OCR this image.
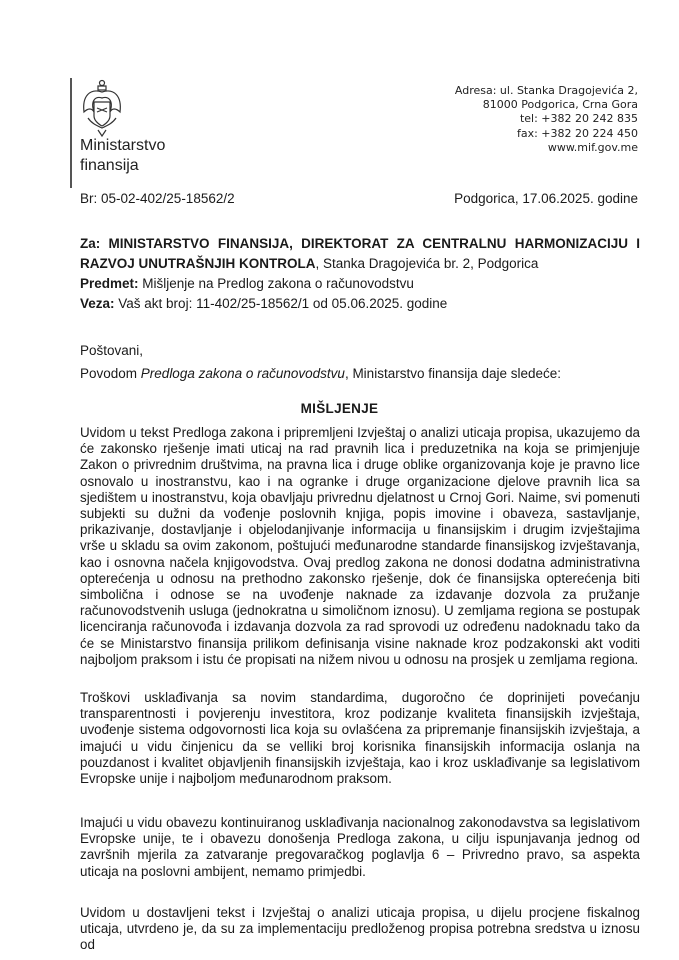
Ministarstvo
finansija
Adresa: ul. Stanka Dragojevića 2,
81000 Podgorica, Crna Gora
tel: +382 20 242 835
fax: +382 20 224 450
www.mif.gov.me
Br: 05-02-402/25-18562/2	Podgorica, 17.06.2025. godine
Za: MINISTARSTVO FINANSIJA, DIREKTORAT ZA CENTRALNU HARMONIZACIJU I RAZVOJ UNUTRAŠNJIH KONTROLA, Stanka Dragojevića br. 2, Podgorica
Predmet: Mišljenje na Predlog zakona o računovodstvu
Veza: Vaš akt broj: 11-402/25-18562/1 od 05.06.2025. godine
Poštovani,
Povodom Predloga zakona o računovodstvu, Ministarstvo finansija daje sledeće:
MIŠLJENJE
Uvidom u tekst Predloga zakona i pripremljeni Izvještaj o analizi uticaja propisa, ukazujemo da će zakonsko rješenje imati uticaj na rad pravnih lica i preduzetnika na koja se primjenjuje Zakon o privrednim društvima, na pravna lica i druge oblike organizovanja koje je pravno lice osnovalo u inostranstvu, kao i na ogranke i druge organizacione djelove pravnih lica sa sjedištem u inostranstvu, koja obavljaju privrednu djelatnost u Crnoj Gori. Naime, svi pomenuti subjekti su dužni da vođenje poslovnih knjiga, popis imovine i obaveza, sastavljanje, prikazivanje, dostavljanje i objelodanjivanje informacija u finansijskim i drugim izvještajima vrše u skladu sa ovim zakonom, poštujući međunarodne standarde finansijskog izvještavanja, kao i osnovna načela knjigovodstva. Ovaj predlog zakona ne donosi dodatna administrativna opterećenja u odnosu na prethodno zakonsko rješenje, dok će finansijska opterećenja biti simbolična i odnose se na uvođenje naknade za izdavanje dozvola za pružanje računovodstvenih usluga (jednokratna u simoličnom iznosu). U zemljama regiona se postupak licenciranja računovođa i izdavanja dozvola za rad sprovodi uz određenu nadoknadu tako da će se Ministarstvo finansija prilikom definisanja visine naknade kroz podzakonski akt voditi najboljom praksom i istu će propisati na nižem nivou u odnosu na prosjek u zemljama regiona.
Troškovi usklađivanja sa novim standardima, dugoročno će doprinijeti povećanju transparentnosti i povjerenju investitora, kroz podizanje kvaliteta finansijskih izvještaja, uvođenje sistema odgovornosti lica koja su ovlašćena za pripremanje finansijskih izvještaja, a imajući u vidu činjenicu da se velliki broj korisnika finansijskih informacija oslanja na pouzdanost i kvalitet objavljenih finansijskih izvještaja, kao i kroz usklađivanje sa legislativom Evropske unije i najboljom međunarodnom praksom.
Imajući u vidu obavezu kontinuiranog usklađivanja nacionalnog zakonodavstva sa legislativom Evropske unije, te i obavezu donošenja Predloga zakona, u cilju ispunjavanja jednog od završnih mjerila za zatvaranje pregovaračkog poglavlja 6 – Privredno pravo, sa aspekta uticaja na poslovni ambijent, nemamo primjedbi.
Uvidom u dostavljeni tekst i Izvještaj o analizi uticaja propisa, u dijelu procjene fiskalnog uticaja, utvrdeno je, da su za implementaciju predloženog propisa potrebna sredstva u iznosu od
